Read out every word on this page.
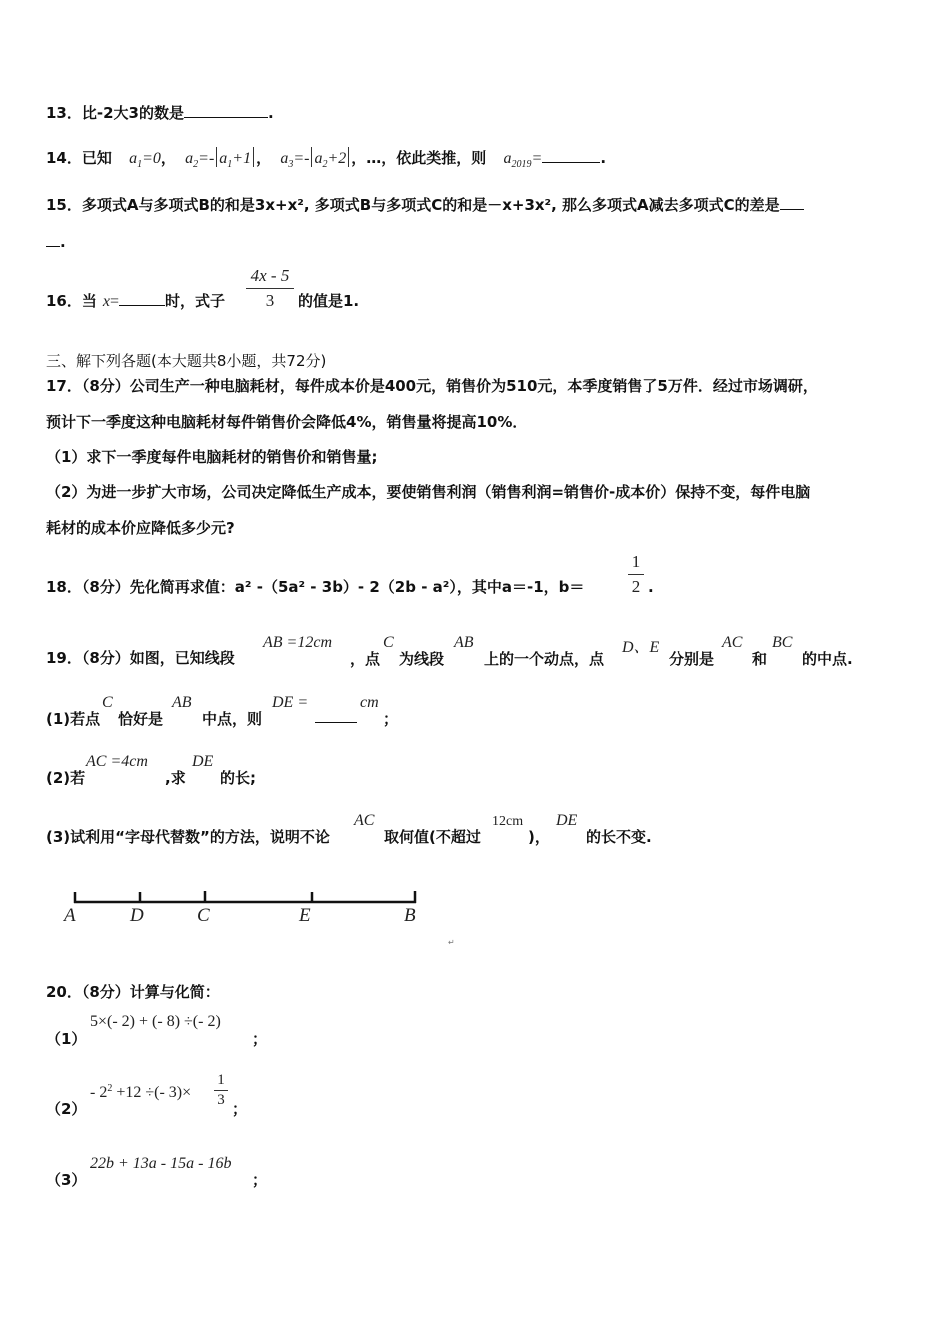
13．比-2大3的数是	.
14．已知 $a_1=0$， $a_2=-$ $a_1+1$ ， $a_3=-$ $a_2+2$ ，…，依此类推，则 $a_{2019}=$	.
15．多项式A与多项式B的和是3x+x², 多项式B与多项式C的和是－x+3x², 那么多项式A减去多项式C的差是
.
16．当 x=	时，式子
4x - 5
3	的值是1.
三、解下列各题(本大题共8小题，共72分)
17．（8分）公司生产一种电脑耗材，每件成本价是400元，销售价为510元，本季度销售了5万件．经过市场调研，
预计下一季度这种电脑耗材每件销售价会降低4%，销售量将提高10%．
（1）求下一季度每件电脑耗材的销售价和销售量;
（2）为进一步扩大市场，公司决定降低生产成本，要使销售利润（销售利润=销售价-成本价）保持不变，每件电脑
耗材的成本价应降低多少元?
18．（8分）先化简再求值：a² -（5a² - 3b）- 2（2b - a²），其中a＝-1，b＝
1
2 .
19．（8分）如图，已知线段
AB =12cm
，点
C
为线段
AB
上的一个动点，点
D、E
分别是
AC
和
BC
的中点.
(1)若点
C
恰好是
AB
中点，则
DE =	cm
；
(2)若
AC =4cm
,求
DE
的长;
(3)试利用“字母代替数”的方法，说明不论
AC
取何值(不超过
12cm
)，
DE
的长不变.
A	D	C	E	B
↵
20．（8分）计算与化简：
（1）
5×(- 2) + (- 8) ÷(- 2)
；
（2）
- $2^2 +12$ ÷(- 3)×
1
3 ；
（3）
22b + 13a - 15a - 16b
；
